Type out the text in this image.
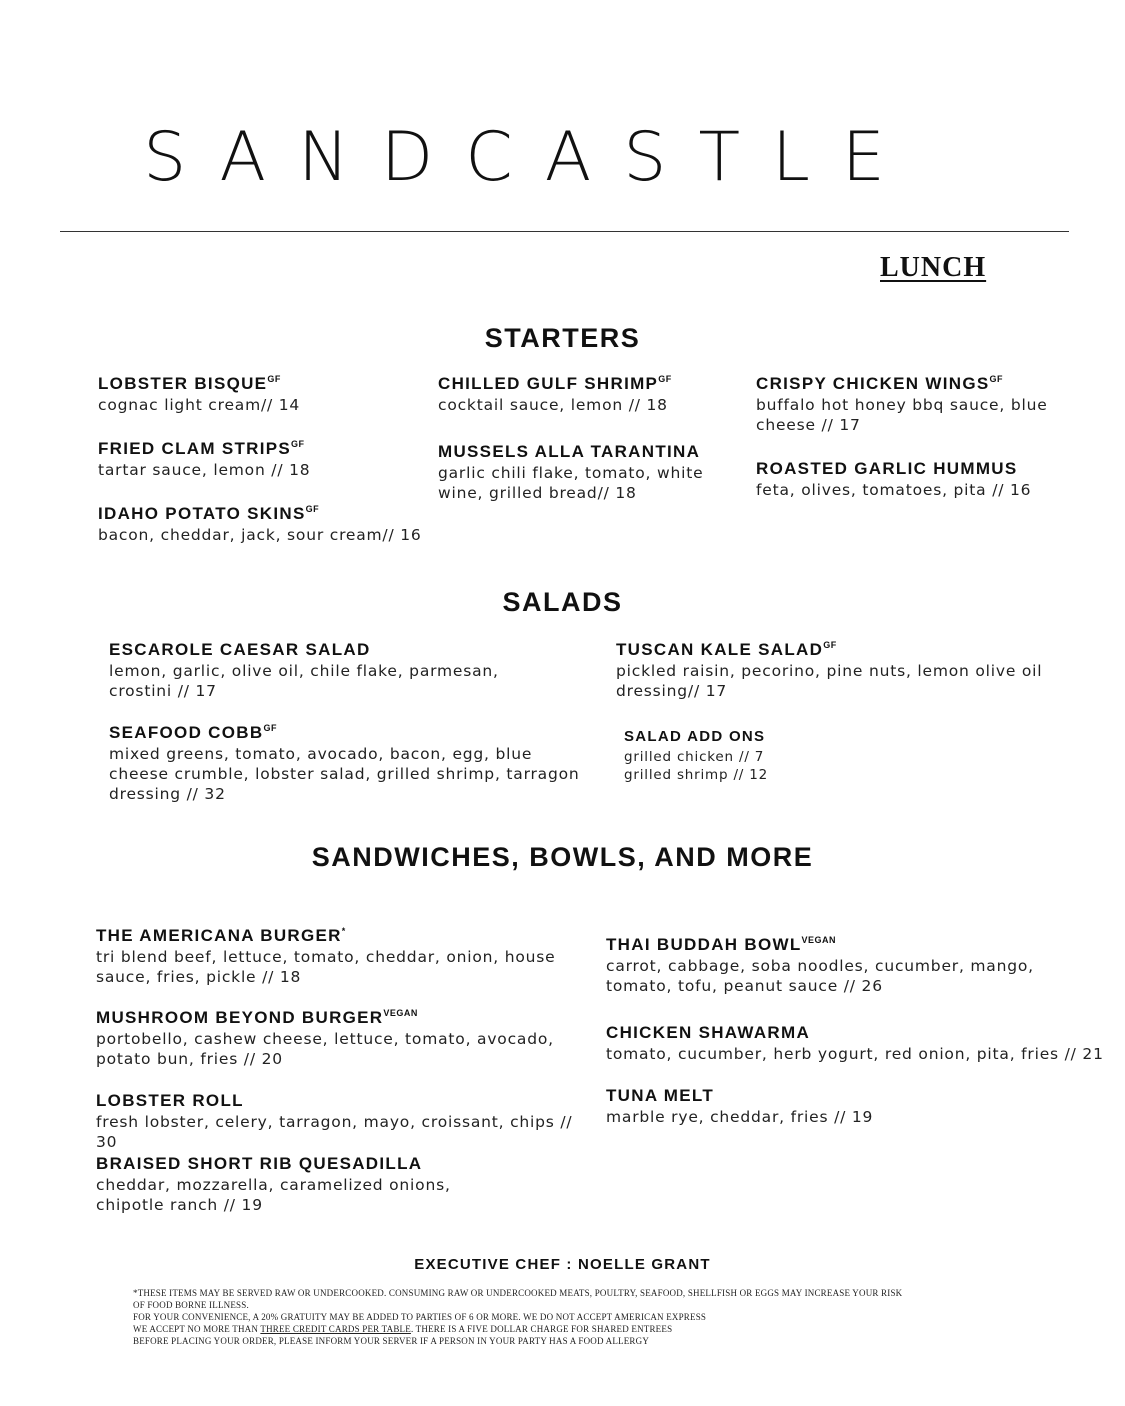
SANDCASTLE
LUNCH
STARTERS
LOBSTER $BISQUE^{GF}$
cognac light cream// 14
FRIED CLAM $STRIPS^{GF}$
tartar sauce, lemon // 18
IDAHO POTATO $SKINS^{GF}$
bacon, cheddar, jack, sour cream// 16
CHILLED GULF $SHRIMP^{GF}$
cocktail sauce, lemon // 18
MUSSELS ALLA TARANTINA
garlic chili flake, tomato, white wine, grilled bread// 18
CRISPY CHICKEN $WINGS^{GF}$
buffalo hot honey bbq sauce, blue cheese // 17
ROASTED GARLIC HUMMUS
feta, olives, tomatoes, pita // 16
SALADS
ESCAROLE CAESAR SALAD
lemon, garlic, olive oil, chile flake, parmesan, crostini // 17
SEAFOOD $COBB^{GF}$
mixed greens, tomato, avocado, bacon, egg, blue cheese crumble, lobster salad, grilled shrimp, tarragon dressing // 32
TUSCAN KALE $SALAD^{GF}$
pickled raisin, pecorino, pine nuts, lemon olive oil dressing// 17
SALAD ADD ONS
grilled chicken // 7
grilled shrimp // 12
SANDWICHES, BOWLS, AND MORE
THE AMERICANA BURGER*
tri blend beef, lettuce, tomato, cheddar, onion, house sauce, fries, pickle // 18
MUSHROOM BEYOND $BURGER^{VEGAN}$
portobello, cashew cheese, lettuce, tomato, avocado, potato bun, fries // 20
LOBSTER ROLL
fresh lobster, celery, tarragon, mayo, croissant, chips // 30
BRAISED SHORT RIB QUESADILLA
cheddar, mozzarella, caramelized onions, chipotle ranch // 19
THAI BUDDAH $BOWL^{VEGAN}$
carrot, cabbage, soba noodles, cucumber, mango, tomato, tofu, peanut sauce // 26
CHICKEN SHAWARMA
tomato, cucumber, herb yogurt, red onion, pita, fries // 21
TUNA MELT
marble rye, cheddar, fries // 19
EXECUTIVE CHEF : NOELLE GRANT
*THESE ITEMS MAY BE SERVED RAW OR UNDERCOOKED. CONSUMING RAW OR UNDERCOOKED MEATS, POULTRY, SEAFOOD, SHELLFISH OR EGGS MAY INCREASE YOUR RISK
OF FOOD BORNE ILLNESS.
FOR YOUR CONVENIENCE, A 20% GRATUITY MAY BE ADDED TO PARTIES OF 6 OR MORE. WE DO NOT ACCEPT AMERICAN EXPRESS
WE ACCEPT NO MORE THAN THREE CREDIT CARDS PER TABLE. THERE IS A FIVE DOLLAR CHARGE FOR SHARED ENTREES
BEFORE PLACING YOUR ORDER, PLEASE INFORM YOUR SERVER IF A PERSON IN YOUR PARTY HAS A FOOD ALLERGY
